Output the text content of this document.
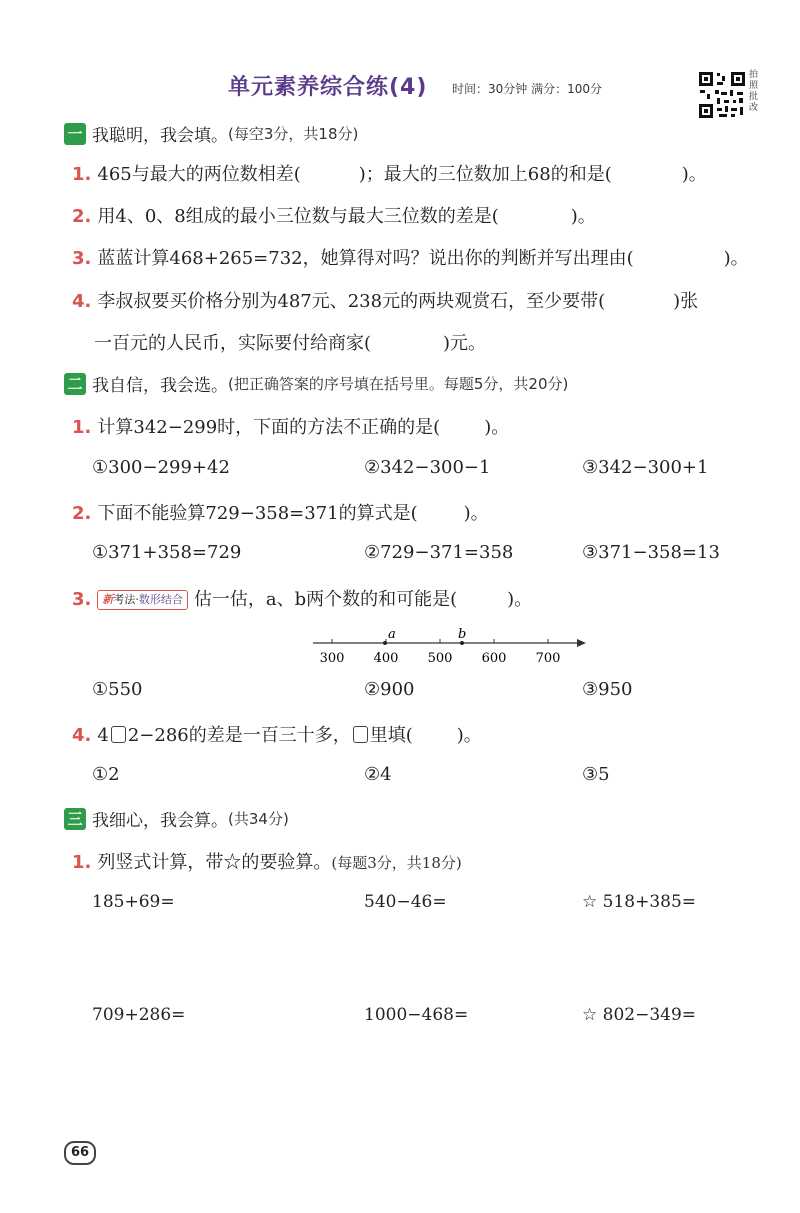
单元素养综合练(4) 时间：30分钟 满分：100分
拍照批改
一 我聪明，我会填。 (每空3分，共18分)
1. 465与最大的两位数相差(	)；最大的三位数加上68的和是(	)。
2. 用4、0、8组成的最小三位数与最大三位数的差是(	)。
3. 蓝蓝计算468+265=732，她算得对吗？说出你的判断并写出理由(	)。
4. 李叔叔要买价格分别为487元、238元的两块观赏石，至少要带(	)张
一百元的人民币，实际要付给商家(	)元。
二 我自信，我会选。 (把正确答案的序号填在括号里。每题5分，共20分)
1. 计算342−299时，下面的方法不正确的是( )。
①300−299+42	②342−300−1	③342−300+1
2. 下面不能验算729−358=371的算式是(	)。
①371+358=729	②729−371=358	③371−358=13
3. 新考法·数形结合 估一估，a、b两个数的和可能是(	)。
300 400 500 600 700
a	b
①550	②900	③950
4. 4 2−286的差是一百三十多， 里填( )。
①2	②4	③5
三 我细心，我会算。 (共34分)
1. 列竖式计算，带☆的要验算。(每题3分，共18分)
185+69=	540−46=	☆ 518+385=
709+286=	1000−468=	☆ 802−349=
66
